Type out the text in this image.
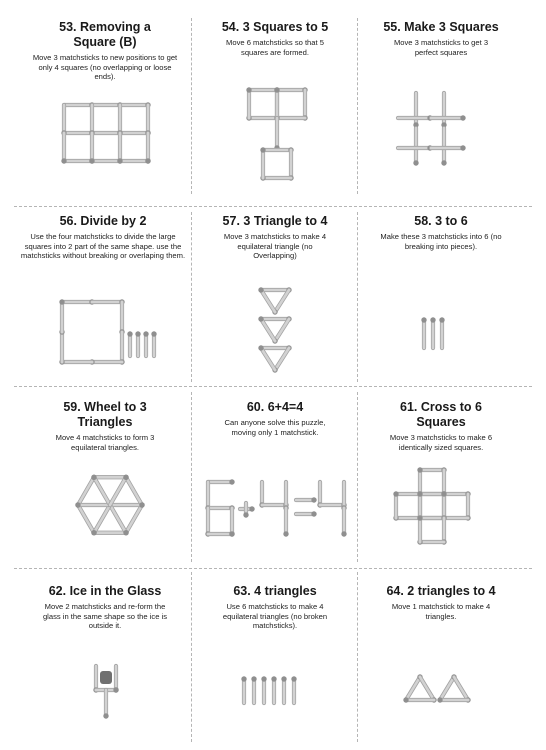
53. Removing a Square (B)
Move 3 matchsticks to new positions to get only 4 squares (no overlapping or loose ends).
54. 3 Squares to 5
Move 6 matchsticks so that 5 squares are formed.
55. Make 3 Squares
Move 3 matchsticks to get 3 perfect squares
56. Divide by 2
Use the four matchsticks to divide the large squares into 2 part of the same shape. use the matchsticks without breaking or overlaping them.
57. 3 Triangle to 4
Move 3 matchsticks to make 4 equilateral triangle (no Overlapping)
58. 3 to 6
Make these 3 matchsticks into 6 (no breaking into pieces).
59. Wheel to 3 Triangles
Move 4 matchsticks to form 3 equilateral triangles.
60. 6+4=4
Can anyone solve this puzzle, moving only 1 matchstick.
61. Cross to 6 Squares
Move 3 matchsticks to make 6 identically sized squares.
62. Ice in the Glass
Move 2 matchsticks and re-form the glass in the same shape so the ice is outside it.
63. 4 triangles
Use 6 matchsticks to make 4 equilateral triangles (no broken matchsticks).
64. 2 triangles to 4
Move 1 matchstick to make 4 triangles.
